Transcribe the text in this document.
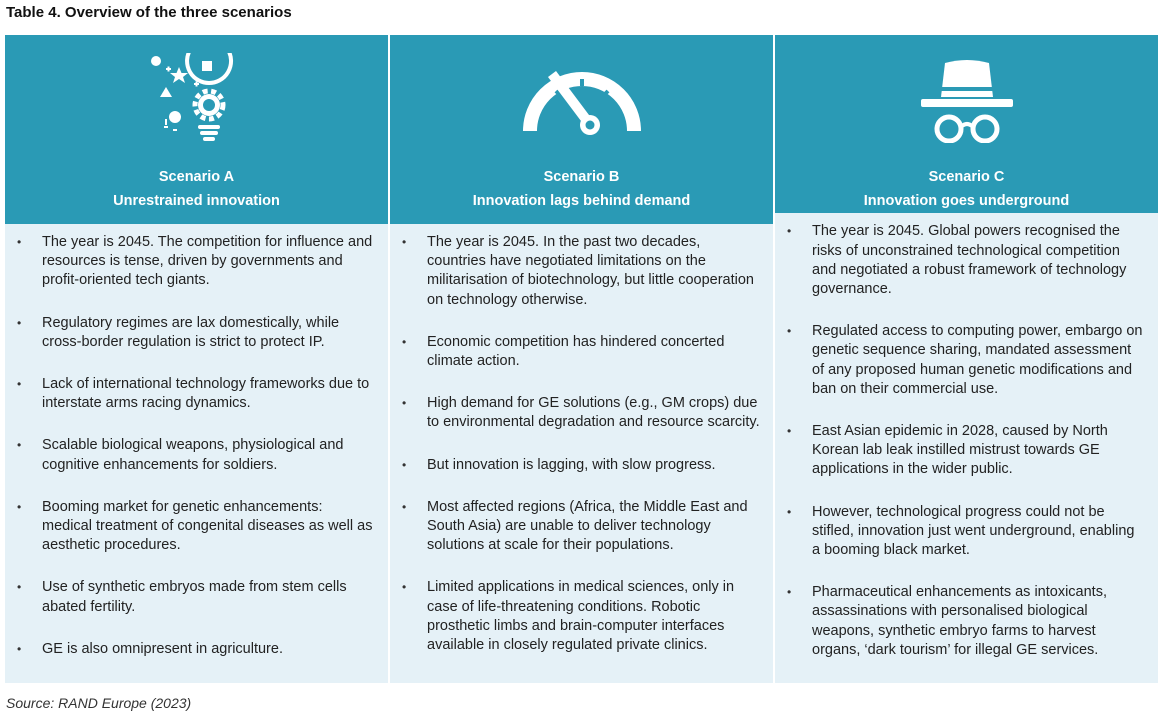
Table 4. Overview of the three scenarios
Scenario A
Unrestrained innovation
• The year is 2045. The competition for influence and resources is tense, driven by governments and profit-oriented tech giants.
• Regulatory regimes are lax domestically, while cross-border regulation is strict to protect IP.
• Lack of international technology frameworks due to interstate arms racing dynamics.
• Scalable biological weapons, physiological and cognitive enhancements for soldiers.
• Booming market for genetic enhancements: medical treatment of congenital diseases as well as aesthetic procedures.
• Use of synthetic embryos made from stem cells abated fertility.
• GE is also omnipresent in agriculture.
Scenario B
Innovation lags behind demand
• The year is 2045. In the past two decades, countries have negotiated limitations on the militarisation of biotechnology, but little cooperation on technology otherwise.
• Economic competition has hindered concerted climate action.
• High demand for GE solutions (e.g., GM crops) due to environmental degradation and resource scarcity.
• But innovation is lagging, with slow progress.
• Most affected regions (Africa, the Middle East and South Asia) are unable to deliver technology solutions at scale for their populations.
• Limited applications in medical sciences, only in case of life-threatening conditions. Robotic prosthetic limbs and brain-computer interfaces available in closely regulated private clinics.
Scenario C
Innovation goes underground
• The year is 2045. Global powers recognised the risks of unconstrained technological competition and negotiated a robust framework of technology governance.
• Regulated access to computing power, embargo on genetic sequence sharing, mandated assessment of any proposed human genetic modifications and ban on their commercial use.
• East Asian epidemic in 2028, caused by North Korean lab leak instilled mistrust towards GE applications in the wider public.
• However, technological progress could not be stifled, innovation just went underground, enabling a booming black market.
• Pharmaceutical enhancements as intoxicants, assassinations with personalised biological weapons, synthetic embryo farms to harvest organs, ‘dark tourism’ for illegal GE services.
Source: RAND Europe (2023)
